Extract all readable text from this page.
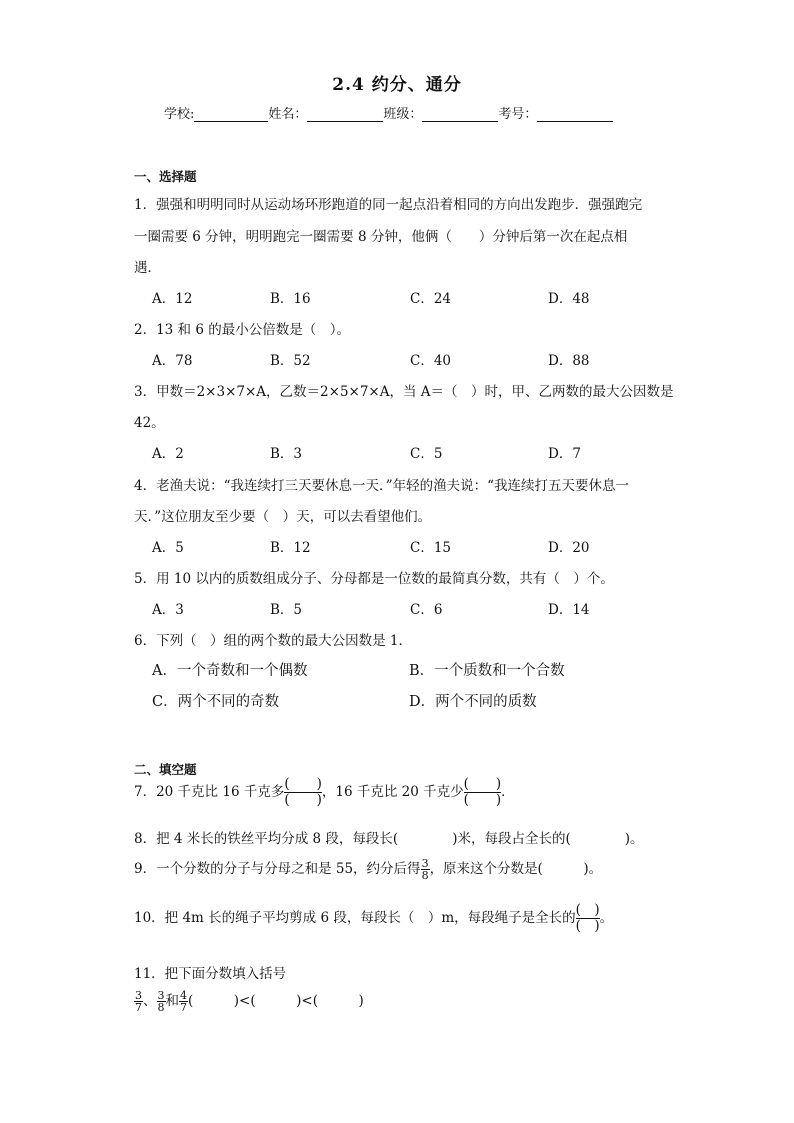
2.4 约分、通分
学校:	姓名：	班级：	考号：
一、选择题
1．强强和明明同时从运动场环形跑道的同一起点沿着相同的方向出发跑步．强强跑完
一圈需要 6 分钟，明明跑完一圈需要 8 分钟，他俩（　　）分钟后第一次在起点相
遇．
A．12	B．16	C．24	D．48
2．13 和 6 的最小公倍数是（　）。
A．78	B．52	C．40	D．88
3．甲数＝2×3×7×A，乙数＝2×5×7×A，当 A＝（　）时，甲、乙两数的最大公因数是
42。
A．2	B．3	C．5	D．7
4．老渔夫说：“我连续打三天要休息一天．”年轻的渔夫说：“我连续打五天要休息一
天．”这位朋友至少要（　）天，可以去看望他们。
A．5	B．12	C．15	D．20
5．用 10 以内的质数组成分子、分母都是一位数的最简真分数，共有（　）个。
A．3	B．5	C．6	D．14
6．下列（　）组的两个数的最大公因数是 1．
A．一个奇数和一个偶数	B．一个质数和一个合数
C．两个不同的奇数	D．两个不同的质数
二、填空题
7．20 千克比 16 千克多 (　　)
(　　) ，16 千克比 20 千克少 (　　)
(　　) ．
8．把 4 米长的铁丝平均分成 8 段，每段长(　　　　)米，每段占全长的(　　　　)。
9．一个分数的分子与分母之和是 55，约分后得 $\frac{3}{8}$ ，原来这个分数是(　　　)。
10．把 4m 长的绳子平均剪成 6 段，每段长（　）m，每段绳子是全长的 (　)
(　) 。
11．把下面分数填入括号
$\frac{3}{7}$ 、 $\frac{3}{8}$ 和 $\frac{4}{7}$ (　　　)<(　　　)<(　　　)
